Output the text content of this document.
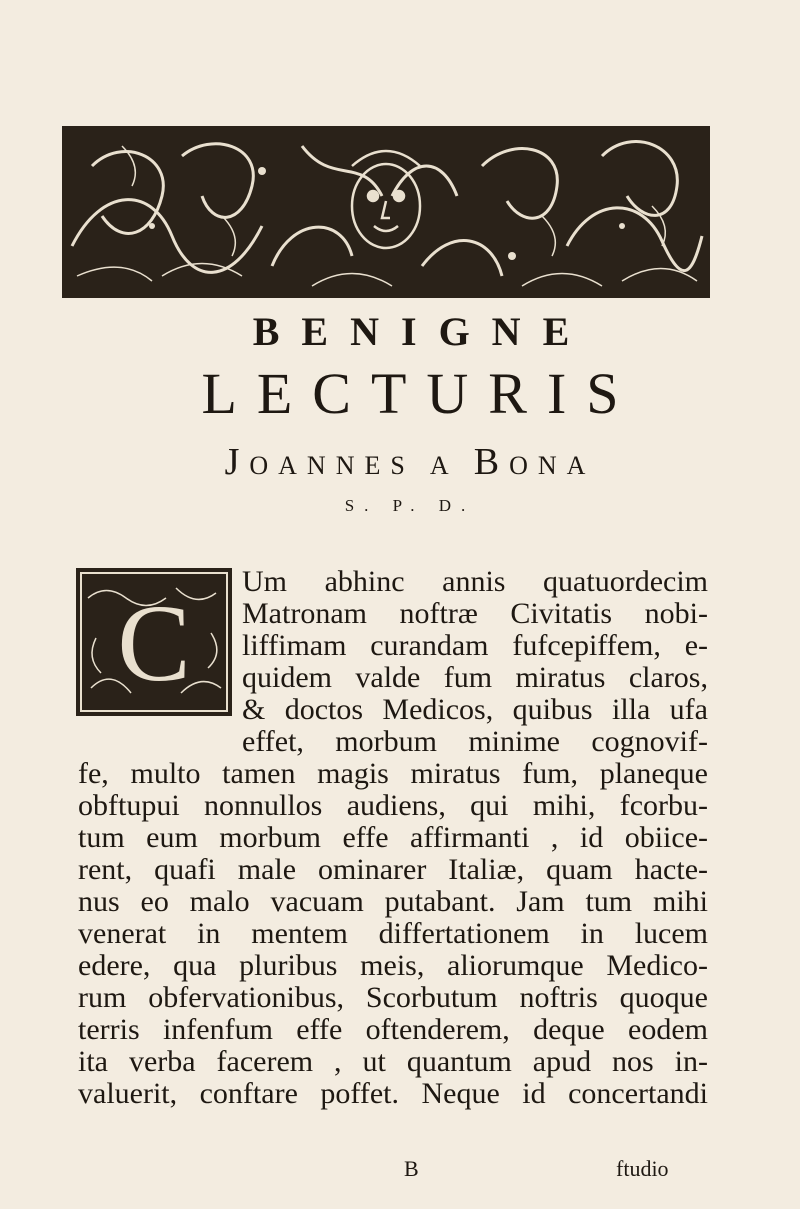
BENIGNE
LECTURIS
JOANNES A BONA
S. P. D.
C
Um abhinc annis quatuordecim
Matronam noftræ Civitatis nobi-
liffimam curandam fufcepiffem, e-
quidem valde fum miratus claros,
& doctos Medicos, quibus illa ufa
effet, morbum minime cognovif-
fe, multo tamen magis miratus fum, planeque
obftupui nonnullos audiens, qui mihi, fcorbu-
tum eum morbum effe affirmanti , id obiice-
rent, quafi male ominarer Italiæ, quam hacte-
nus eo malo vacuam putabant. Jam tum mihi
venerat in mentem differtationem in lucem
edere, qua pluribus meis, aliorumque Medico-
rum obfervationibus, Scorbutum noftris quoque
terris infenfum effe oftenderem, deque eodem
ita verba facerem , ut quantum apud nos in-
valuerit, conftare poffet. Neque id concertandi
B	ftudio
